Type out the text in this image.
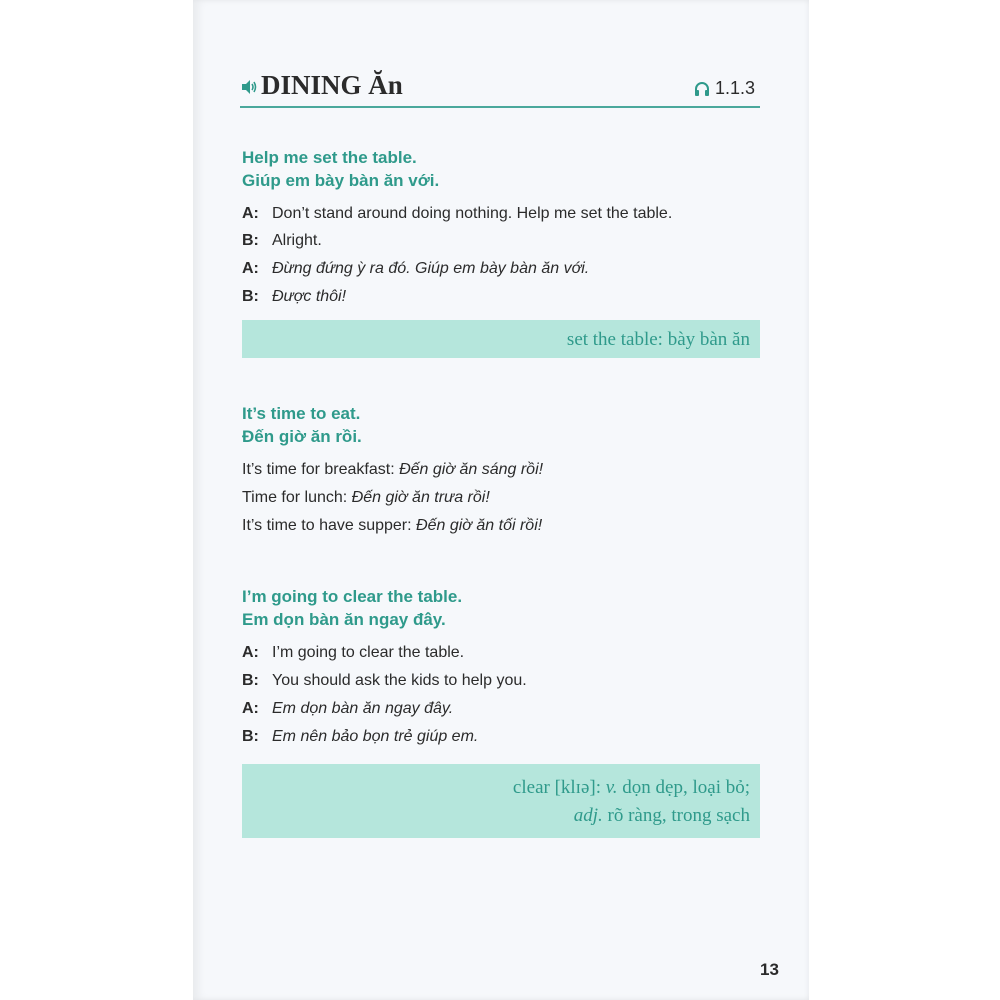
DINING Ăn	1.1.3
Help me set the table.
Giúp em bày bàn ăn với.
A: Don’t stand around doing nothing. Help me set the table.
B: Alright.
A: Đừng đứng ỳ ra đó. Giúp em bày bàn ăn với.
B: Được thôi!
set the table: bày bàn ăn
It’s time to eat.
Đến giờ ăn rồi.
It’s time for breakfast: Đến giờ ăn sáng rồi!
Time for lunch: Đến giờ ăn trưa rồi!
It’s time to have supper: Đến giờ ăn tối rồi!
I’m going to clear the table.
Em dọn bàn ăn ngay đây.
A: I’m going to clear the table.
B: You should ask the kids to help you.
A: Em dọn bàn ăn ngay đây.
B: Em nên bảo bọn trẻ giúp em.
clear [klɪə]: v. dọn dẹp, loại bỏ;
adj. rõ ràng, trong sạch
13
